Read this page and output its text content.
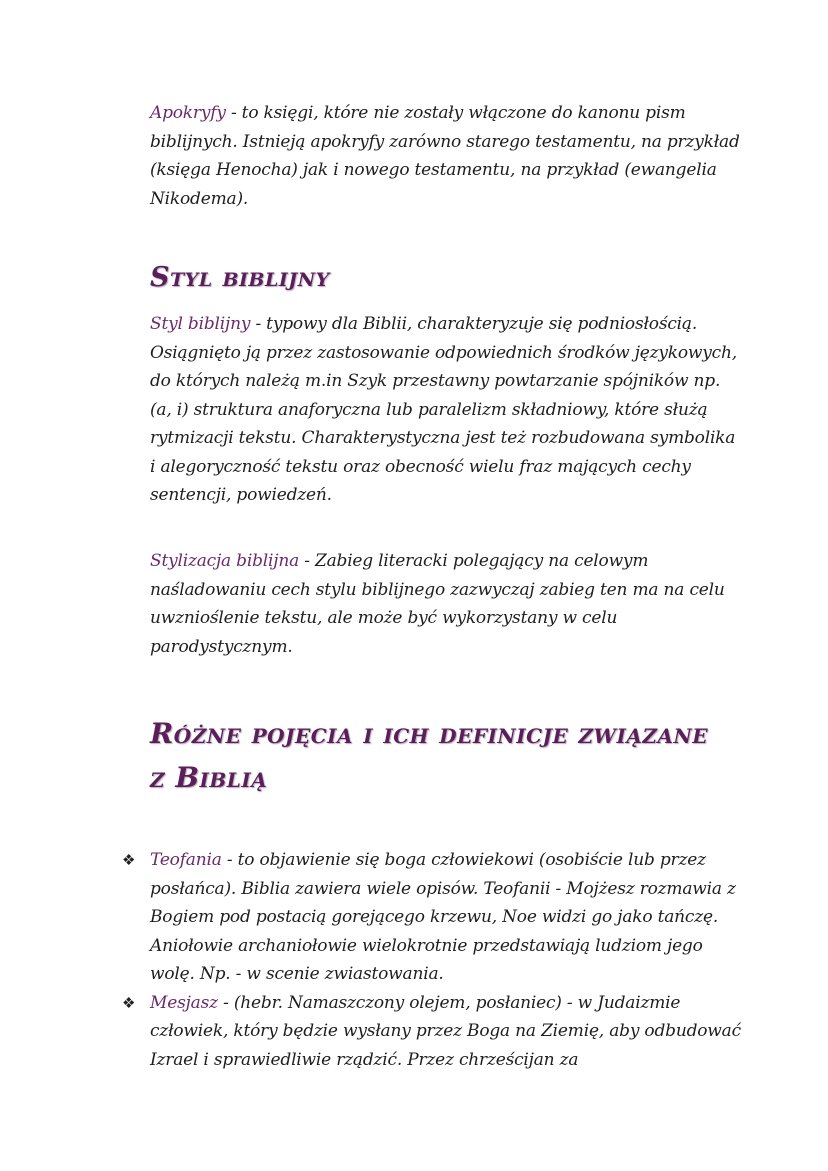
Apokryfy - to księgi, które nie zostały włączone do kanonu pism biblijnych. Istnieją apokryfy zarówno starego testamentu, na przykład (księga Henocha) jak i nowego testamentu, na przykład (ewangelia Nikodema).

Styl biblijny

Styl biblijny - typowy dla Biblii, charakteryzuje się podniosłością. Osiągnięto ją przez zastosowanie odpowiednich środków językowych, do których należą m.in Szyk przestawny powtarzanie spójników np. (a, i) struktura anaforyczna lub paralelizm składniowy, które służą rytmizacji tekstu. Charakterystyczna jest też rozbudowana symbolika i alegoryczność tekstu oraz obecność wielu fraz mających cechy sentencji, powiedzeń.

Stylizacja biblijna - Zabieg literacki polegający na celowym naśladowaniu cech stylu biblijnego zazwyczaj zabieg ten ma na celu uwznioślenie tekstu, ale może być wykorzystany w celu parodystycznym.

Różne pojęcia i ich definicje związane z Biblią
❖ Teofania - to objawienie się boga człowiekowi (osobiście lub przez posłańca). Biblia zawiera wiele opisów. Teofanii - Mojżesz rozmawia z Bogiem pod postacią gorejącego krzewu, Noe widzi go jako tańczę. Aniołowie archaniołowie wielokrotnie przedstawiają ludziom jego wolę. Np. - w scenie zwiastowania.
❖ Mesjasz - (hebr. Namaszczony olejem, posłaniec) - w Judaizmie człowiek, który będzie wysłany przez Boga na Ziemię, aby odbudować Izrael i sprawiedliwie rządzić. Przez chrześcijan za
